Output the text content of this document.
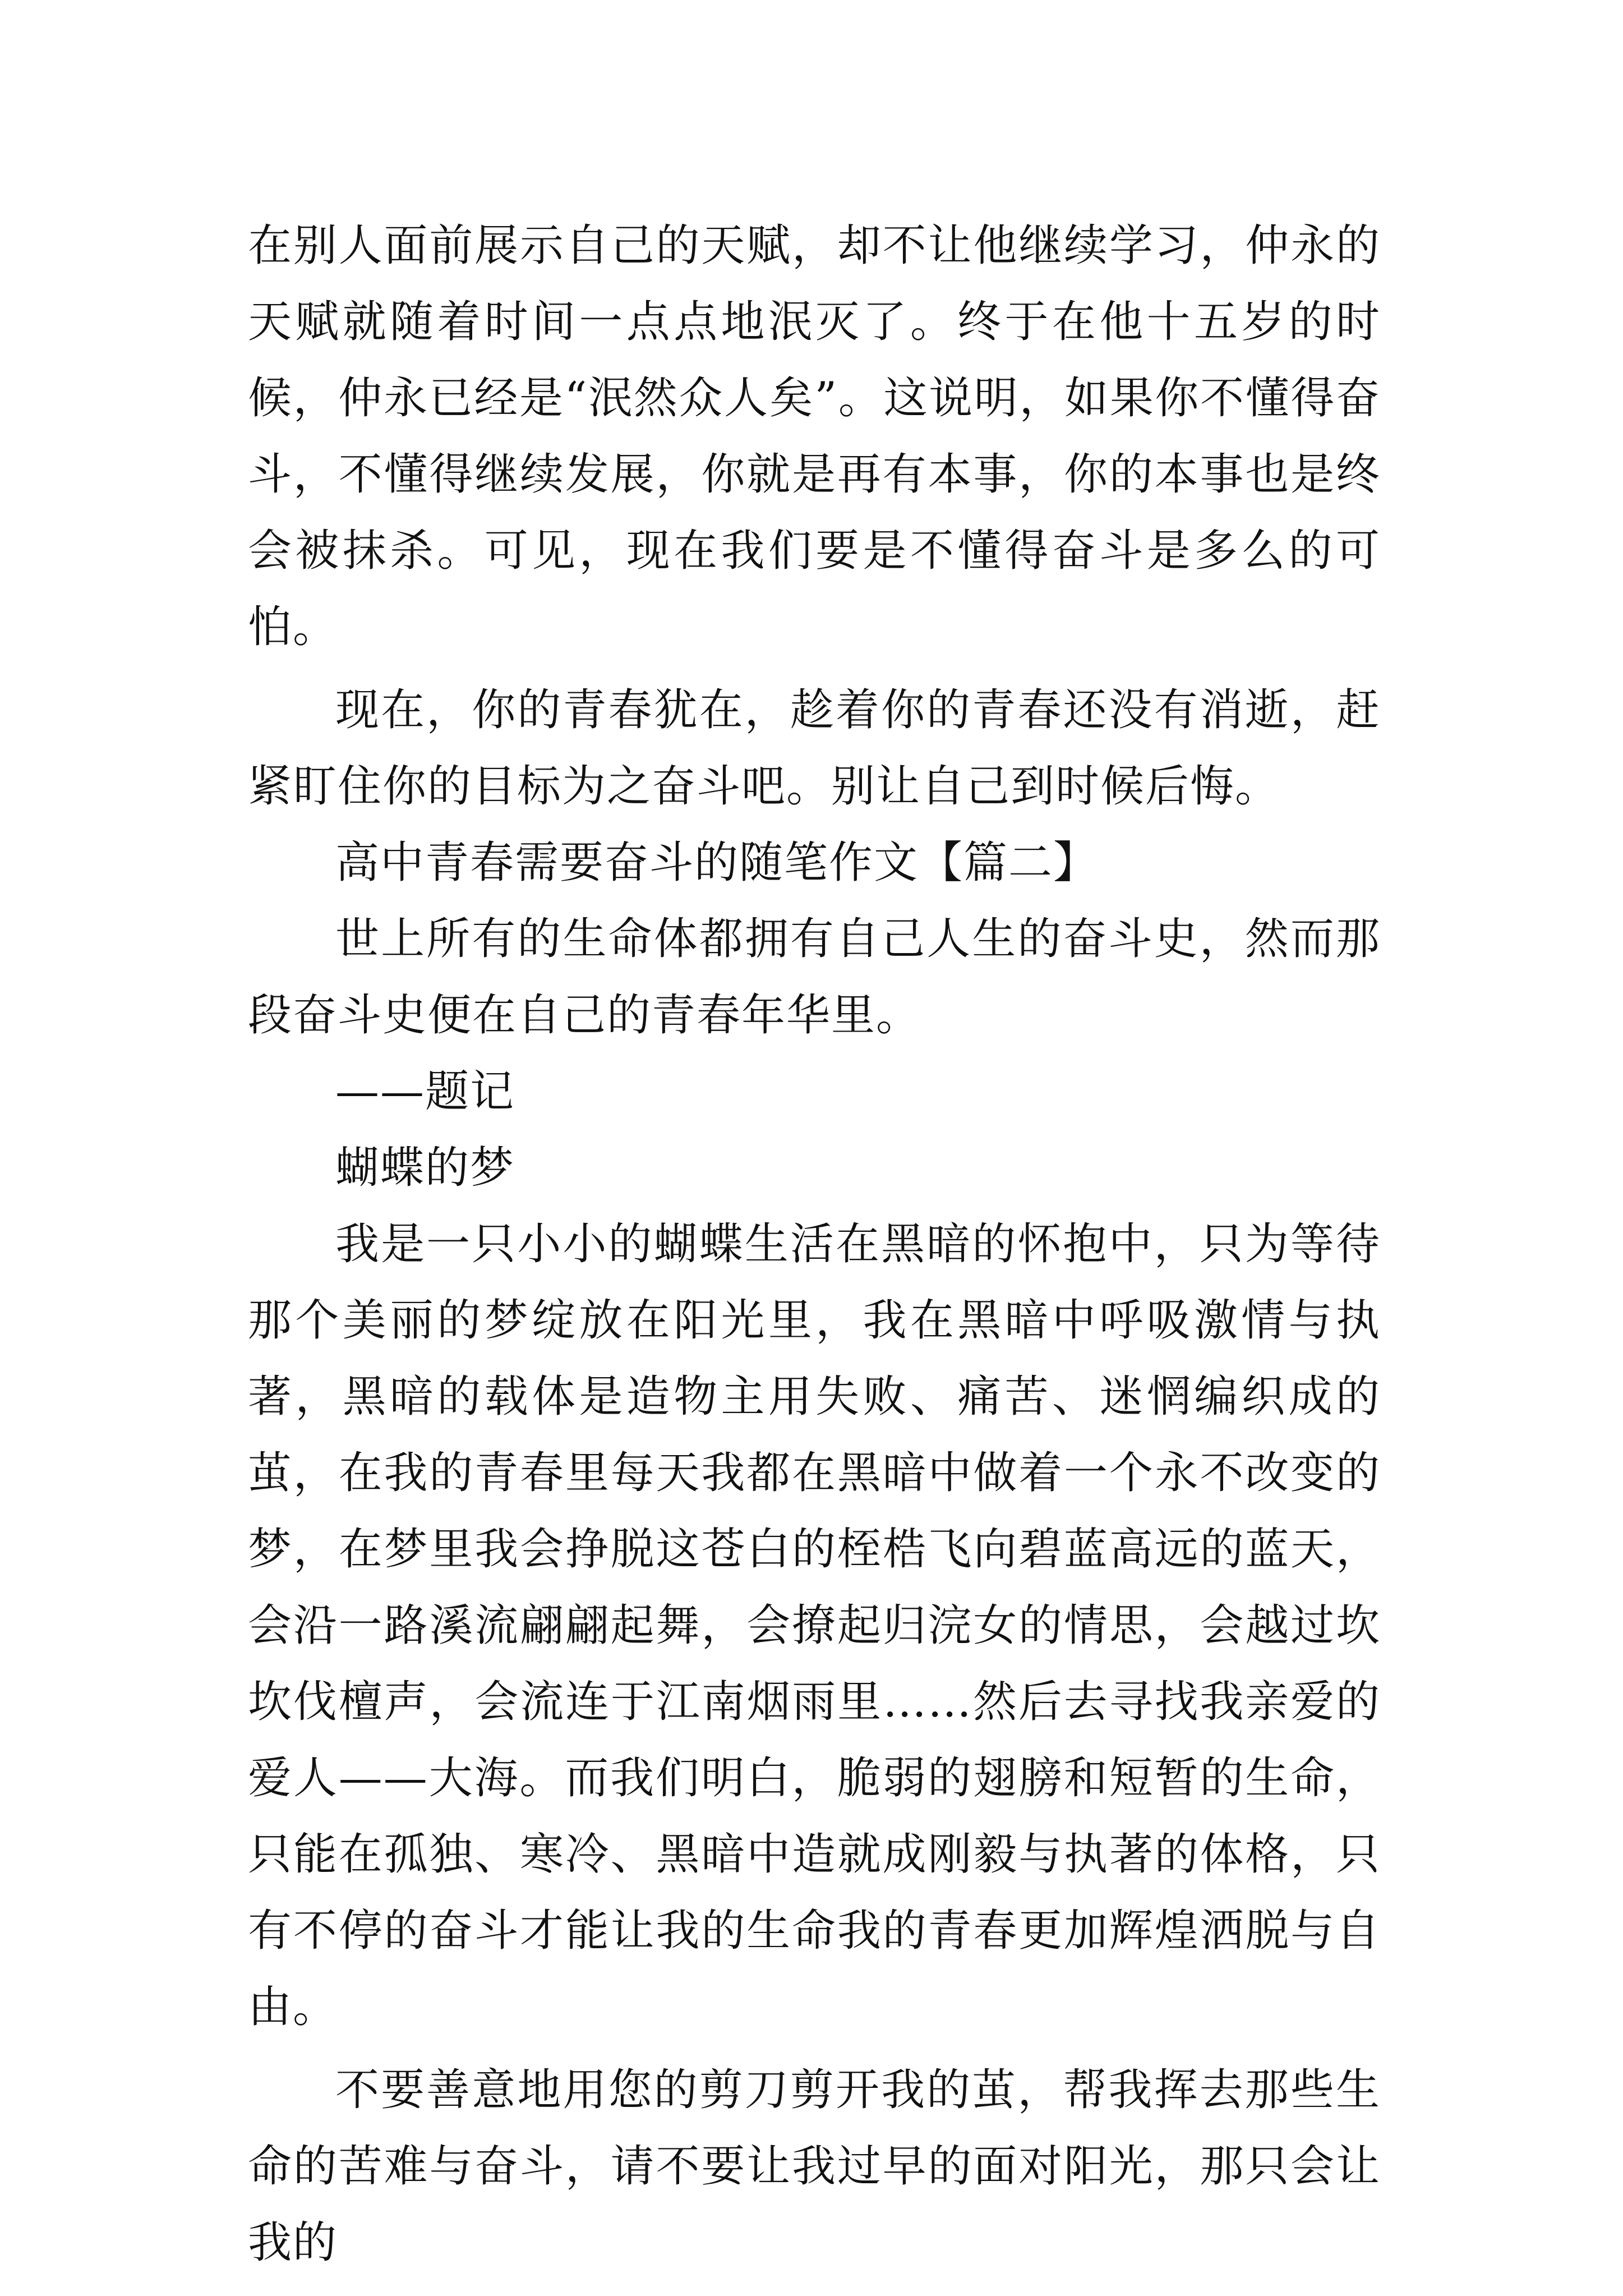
在别人面前展示自己的天赋，却不让他继续学习，仲永的天赋就随着时间一点点地泯灭了。终于在他十五岁的时候，仲永已经是“泯然众人矣”。这说明，如果你不懂得奋斗，不懂得继续发展，你就是再有本事，你的本事也是终会被抹杀。可见，现在我们要是不懂得奋斗是多么的可怕。

现在，你的青春犹在，趁着你的青春还没有消逝，赶紧盯住你的目标为之奋斗吧。别让自己到时候后悔。

高中青春需要奋斗的随笔作文【篇二】

世上所有的生命体都拥有自己人生的奋斗史，然而那段奋斗史便在自己的青春年华里。

——题记

蝴蝶的梦

我是一只小小的蝴蝶生活在黑暗的怀抱中，只为等待那个美丽的梦绽放在阳光里，我在黑暗中呼吸激情与执著，黑暗的载体是造物主用失败、痛苦、迷惘编织成的茧，在我的青春里每天我都在黑暗中做着一个永不改变的梦，在梦里我会挣脱这苍白的桎梏飞向碧蓝高远的蓝天，会沿一路溪流翩翩起舞，会撩起归浣女的情思，会越过坎坎伐檀声，会流连于江南烟雨里……然后去寻找我亲爱的爱人——大海。而我们明白，脆弱的翅膀和短暂的生命，只能在孤独、寒冷、黑暗中造就成刚毅与执著的体格，只有不停的奋斗才能让我的生命我的青春更加辉煌洒脱与自由。

不要善意地用您的剪刀剪开我的茧，帮我挥去那些生命的苦难与奋斗，请不要让我过早的面对阳光，那只会让我的
